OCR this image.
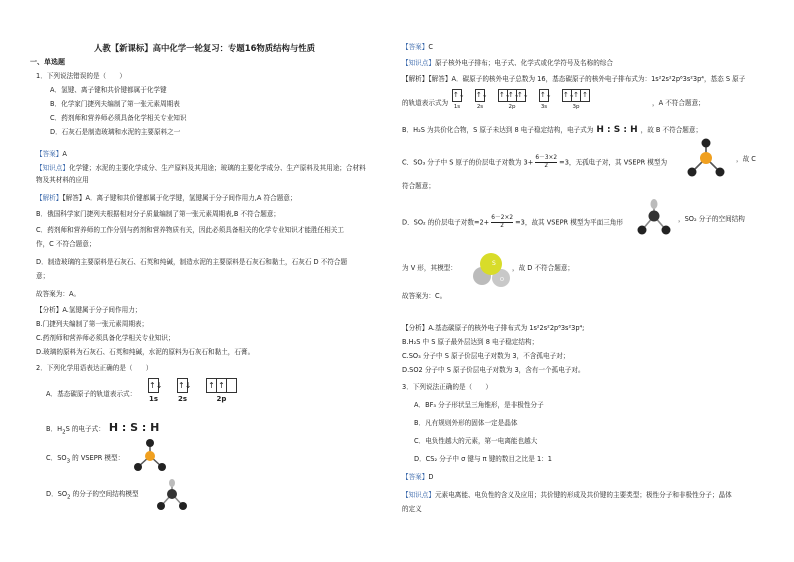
人教【新课标】高中化学一轮复习：专题16物质结构与性质
一、单选题
1．下列说法错误的是（　　）
A．氢键、离子键和共价键都属于化学键
B．化学家门捷列夫编制了第一张元素周期表
C．药剂师和营养师必须具备化学相关专业知识
D．石灰石是制造玻璃和水泥的主要原料之一
【答案】A
【知识点】化学键；水泥的主要化学成分、生产原料及其用途；玻璃的主要化学成分、生产原料及其用途；合材料
物及其材料的应用
【解析】【解答】A．离子键和共价键都属于化学键，氢键属于分子间作用力,A 符合题意；
B．俄国科学家门捷列夫根据相对分子质量编制了第一张元素周期表,B 不符合题意；
C．药剂师和营养师的工作分别与药剂和营养物质有关，因此必须具备相关的化学专业知识才能胜任相关工
作，C 不符合题意；
D．制造玻璃的主要原料是石灰石、石英和纯碱，制造水泥的主要原料是石灰石和黏土，石灰石 D 不符合题
意；
故答案为：A。
【分析】A.氢键属于分子间作用力；
B.门捷列夫编制了第一张元素周期表；
C.药剂师和营养师必须具备化学相关专业知识；
D.玻璃的原料为石灰石、石英和纯碱，水泥的原料为石灰石和黏土，石膏。
2．下列化学用语表达正确的是（　　）
A．基态碳原子的轨道表示式：
↑↓
1s
↑↓
2s
↑ ↑
2p
B．$H_2S$ 的电子式： H : S : H
C．$SO_3$ 的 VSEPR 模型：
D．$SO_2$ 的分子的空间结构模型
【答案】C
【知识点】原子核外电子排布；电子式、化学式或化学符号及名称的综合
【解析】【解答】A．碳原子的核外电子总数为 16，基态碳原子的核外电子排布式为：1s²2s²2p⁶3s²3p⁴，基态 S 原子
的轨道表示式为
↑↓
1s
↑↓
2s
↑↓
↑↓
↑↓
2p
↑↓
3s
↑↓
↑ ↑
3p	，A 不符合题意；
B．H₂S 为共价化合物，S 原子未达到 8 电子稳定结构，电子式为 H : S : H ，故 B 不符合题意；
C．SO₃ 分子中 S 原子的价层电子对数为 $3+ \frac{6-3\times 2}{2} =3$，无孤电子对，其 VSEPR 模型为	，故 C
符合题意；
D．SO₂ 的价层电子对数$=2+ \frac{6-2\times 2}{2} =3$，故其 VSEPR 模型为平面三角形	，SO₂ 分子的空间结构
为 V 形，其模型：
S
O
，故 D 不符合题意；
故答案为：C。
【分析】A.基态碳原子的核外电子排布式为 1s²2s²2p⁶3s²3p⁴;
B.H₂S 中 S 原子最外层达到 8 电子稳定结构；
C.SO₃ 分子中 S 原子价层电子对数为 3，不含孤电子对；
D.SO2 分子中 S 原子价层电子对数为 3，含有一个孤电子对。
3．下列说法正确的是（　　）
A．BF₃ 分子形状呈三角锥形，是非极性分子
B．凡有规则外形的固体一定是晶体
C．电负性越大的元素，第一电离能也越大
D．CS₂ 分子中 σ 键与 π 键的数目之比是 1：1
【答案】D
【知识点】元素电离能、电负性的含义及应用；共价键的形成及共价键的主要类型；极性分子和非极性分子；晶体
的定义
